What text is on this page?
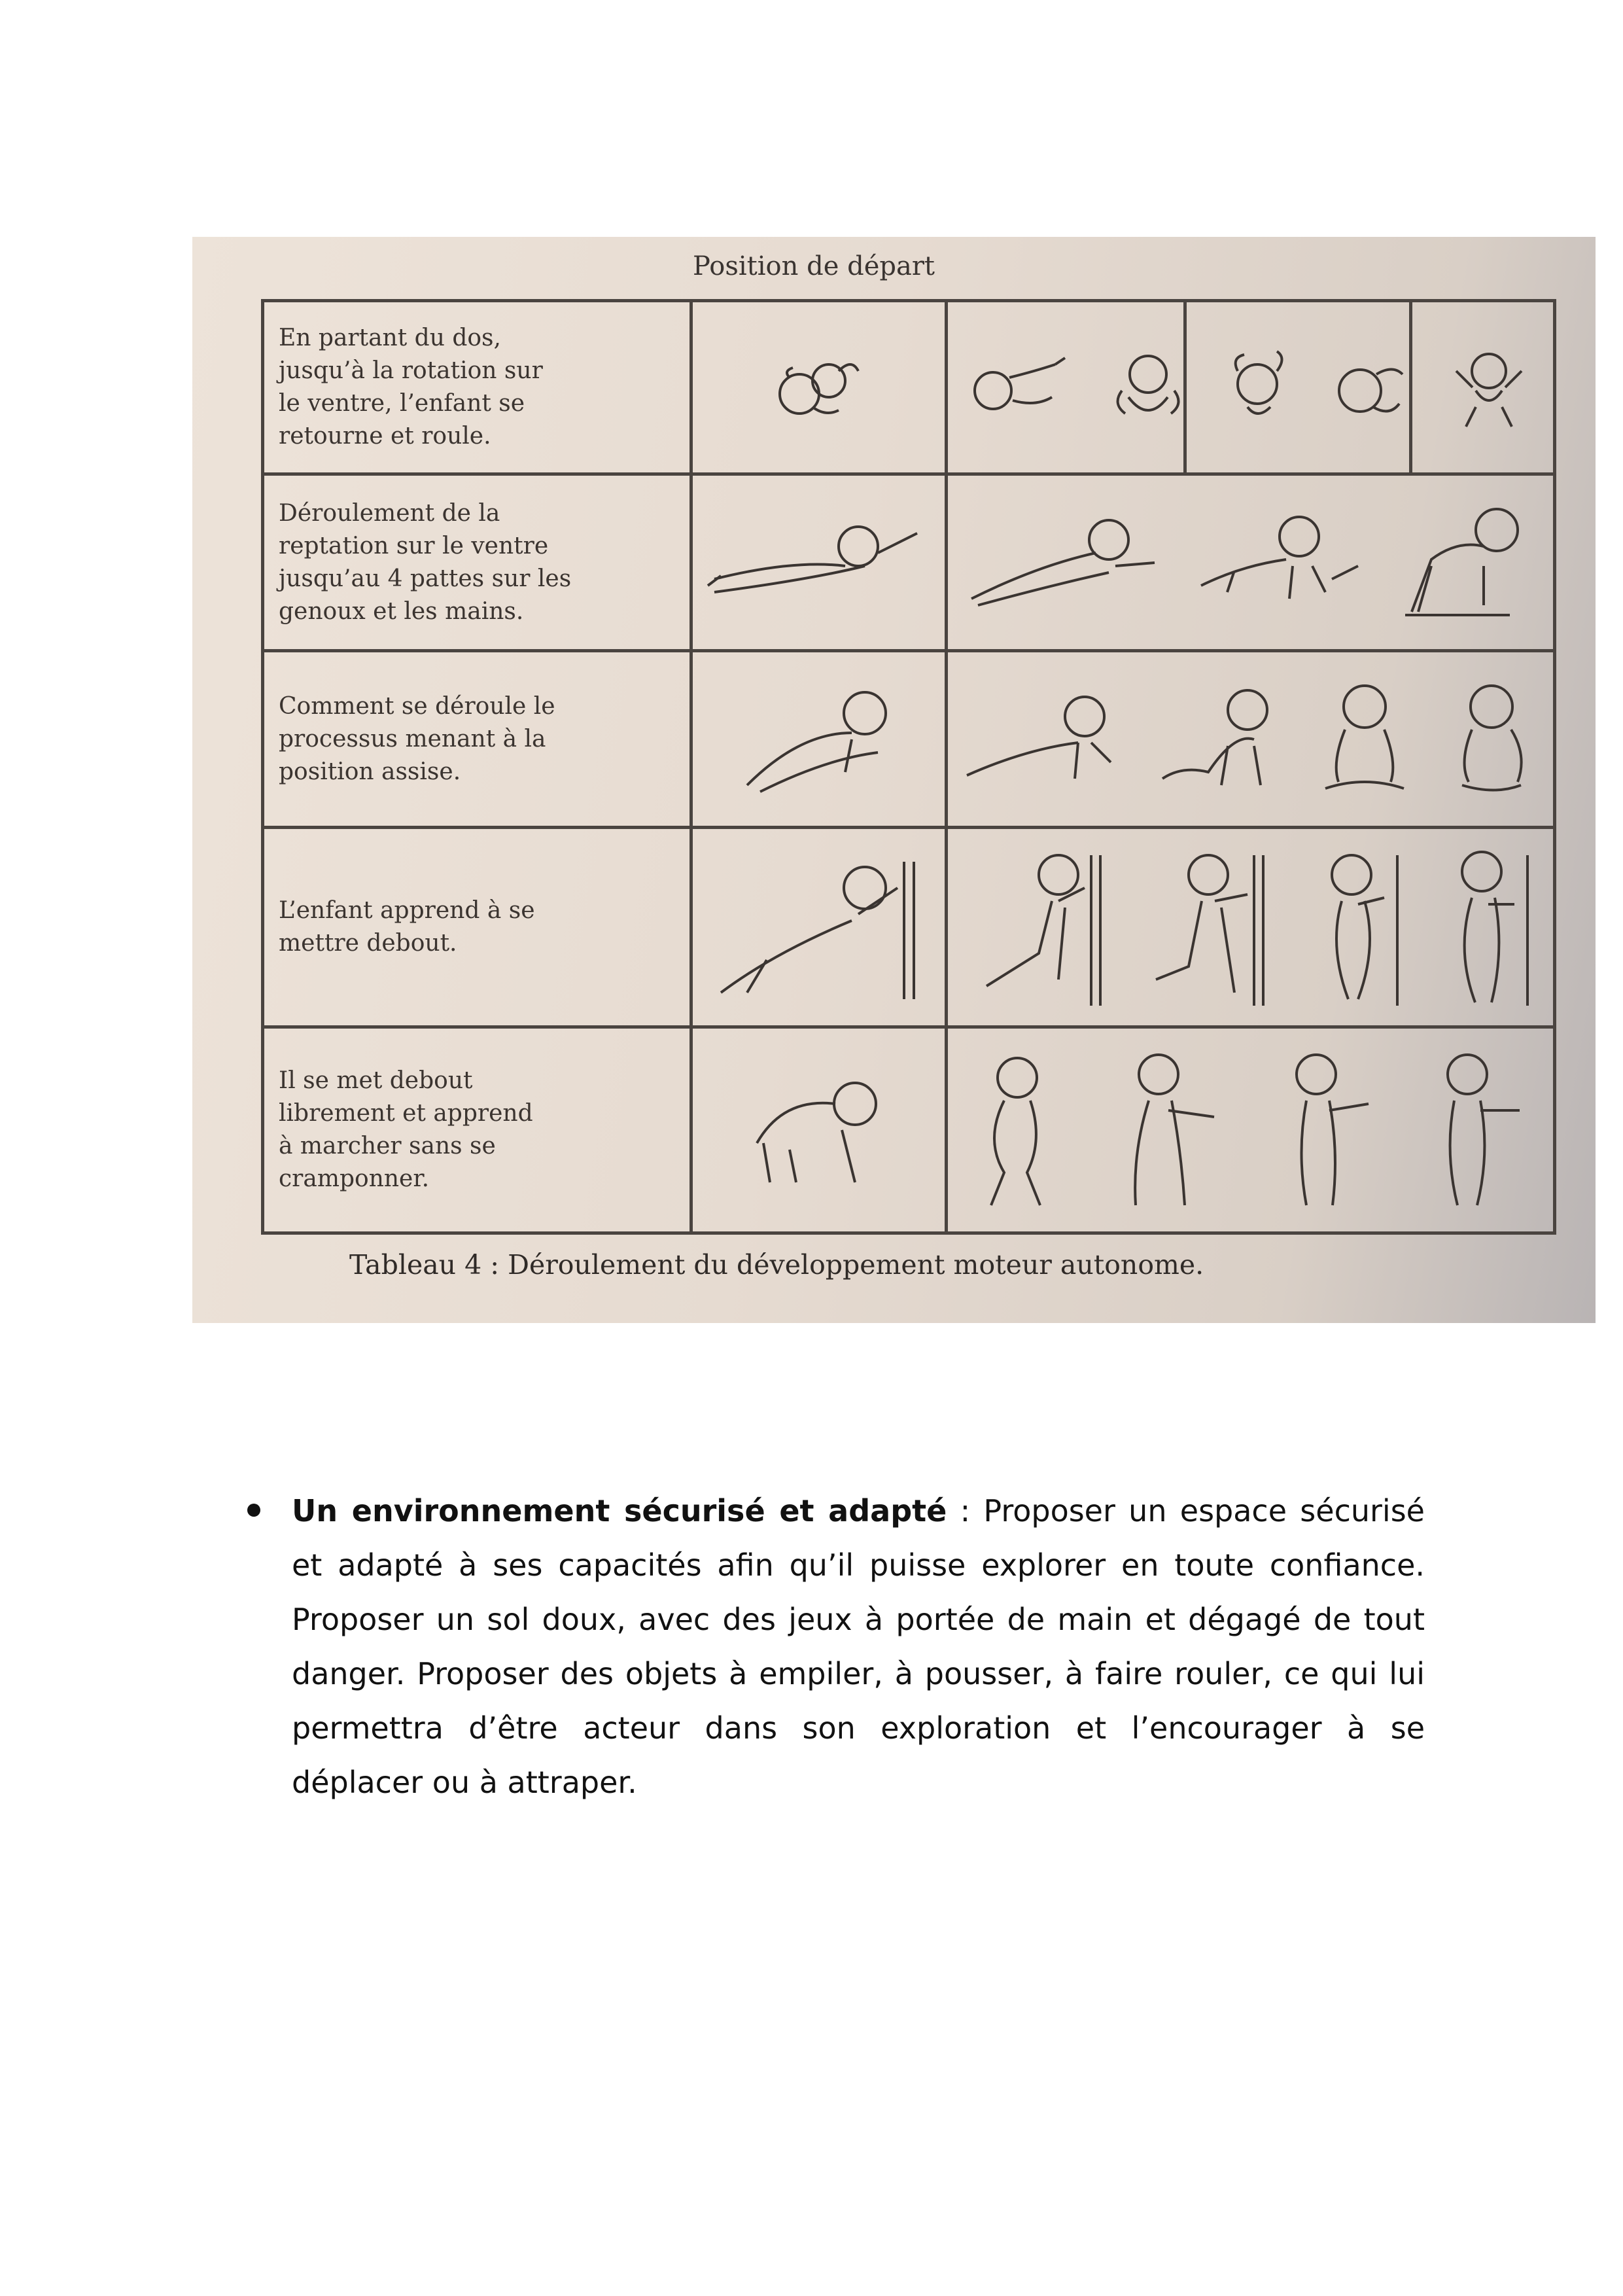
Position de départ
En partant du dos,
jusqu’à la rotation sur
le ventre, l’enfant se
retourne et roule.

Déroulement de la
reptation sur le ventre
jusqu’au 4 pattes sur les
genoux et les mains.

Comment se déroule le
processus menant à la
position assise.

L’enfant apprend à se
mettre debout.

Il se met debout
librement et apprend
à marcher sans se
cramponner.

Tableau 4 : Déroulement du développement moteur autonome.
Un environnement sécurisé et adapté : Proposer un espace sécurisé et adapté à ses capacités afin qu’il puisse explorer en toute confiance. Proposer un sol doux, avec des jeux à portée de main et dégagé de tout danger. Proposer des objets à empiler, à pousser, à faire rouler, ce qui lui permettra d’être acteur dans son exploration et l’encourager à se déplacer ou à attraper.
